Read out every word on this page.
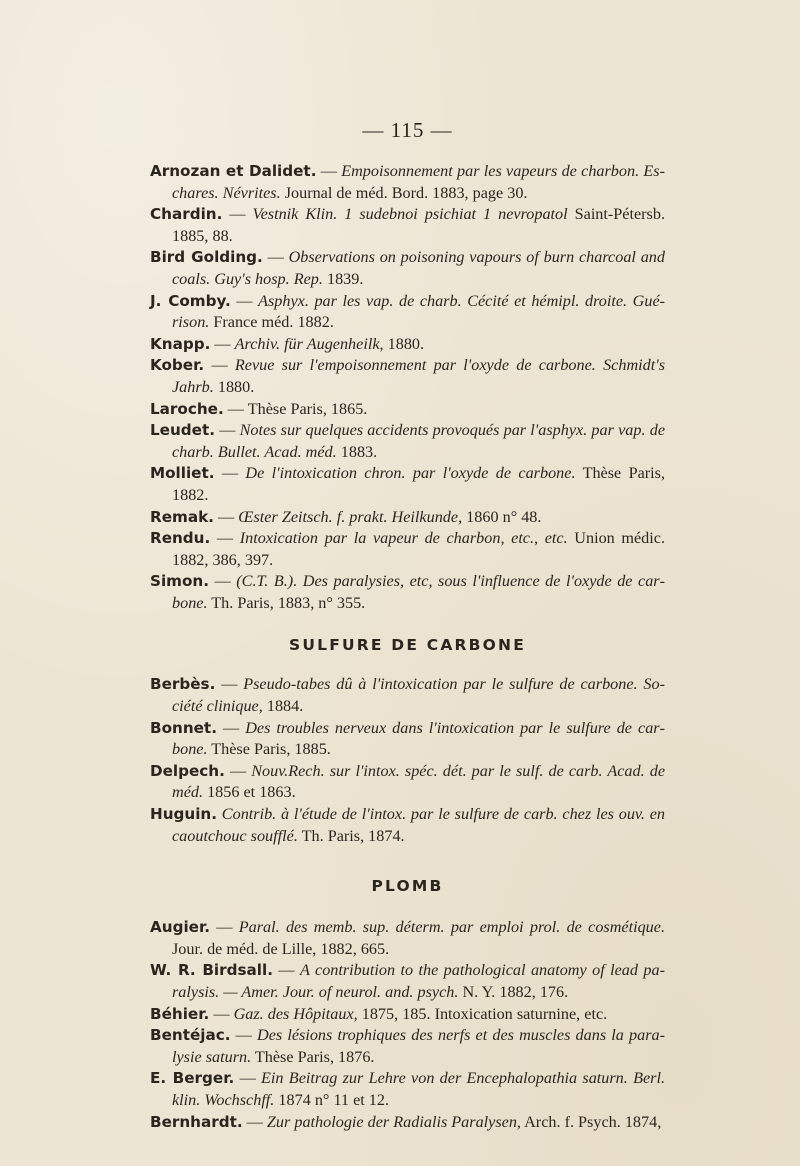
— 115 —

Arnozan et Dalidet. — Empoisonnement par les vapeurs de charbon. Eschares. Névrites. Journal de méd. Bord. 1883, page 30.

Chardin. — Vestnik Klin. 1 sudebnoi psichiat 1 nevropatol Saint-Pétersb. 1885, 88.

Bird Golding. — Observations on poisoning vapours of burn charcoal and coals. Guy's hosp. Rep. 1839.

J. Comby. — Asphyx. par les vap. de charb. Cécité et hémipl. droite. Guérison. France méd. 1882.

Knapp. — Archiv. für Augenheilk, 1880.

Kober. — Revue sur l'empoisonnement par l'oxyde de carbone. Schmidt's Jahrb. 1880.

Laroche. — Thèse Paris, 1865.

Leudet. — Notes sur quelques accidents provoqués par l'asphyx. par vap. de charb. Bullet. Acad. méd. 1883.

Molliet. — De l'intoxication chron. par l'oxyde de carbone. Thèse Paris, 1882.

Remak. — Œster Zeitsch. f. prakt. Heilkunde, 1860 n° 48.

Rendu. — Intoxication par la vapeur de charbon, etc., etc. Union médic. 1882, 386, 397.

Simon. — (C.T. B.). Des paralysies, etc, sous l'influence de l'oxyde de carbone. Th. Paris, 1883, n° 355.

SULFURE DE CARBONE

Berbès. — Pseudo-tabes dû à l'intoxication par le sulfure de carbone. Société clinique, 1884.

Bonnet. — Des troubles nerveux dans l'intoxication par le sulfure de carbone. Thèse Paris, 1885.

Delpech. — Nouv.Rech. sur l'intox. spéc. dét. par le sulf. de carb. Acad. de méd. 1856 et 1863.

Huguin. Contrib. à l'étude de l'intox. par le sulfure de carb. chez les ouv. en caoutchouc soufflé. Th. Paris, 1874.

PLOMB

Augier. — Paral. des memb. sup. déterm. par emploi prol. de cosmétique. Jour. de méd. de Lille, 1882, 665.

W. R. Birdsall. — A contribution to the pathological anatomy of lead paralysis. — Amer. Jour. of neurol. and. psych. N. Y. 1882, 176.

Béhier. — Gaz. des Hôpitaux, 1875, 185. Intoxication saturnine, etc.

Bentéjac. — Des lésions trophiques des nerfs et des muscles dans la paralysie saturn. Thèse Paris, 1876.

E. Berger. — Ein Beitrag zur Lehre von der Encephalopathia saturn. Berl. klin. Wochschff. 1874 n° 11 et 12.

Bernhardt. — Zur pathologie der Radialis Paralysen, Arch. f. Psych. 1874,
